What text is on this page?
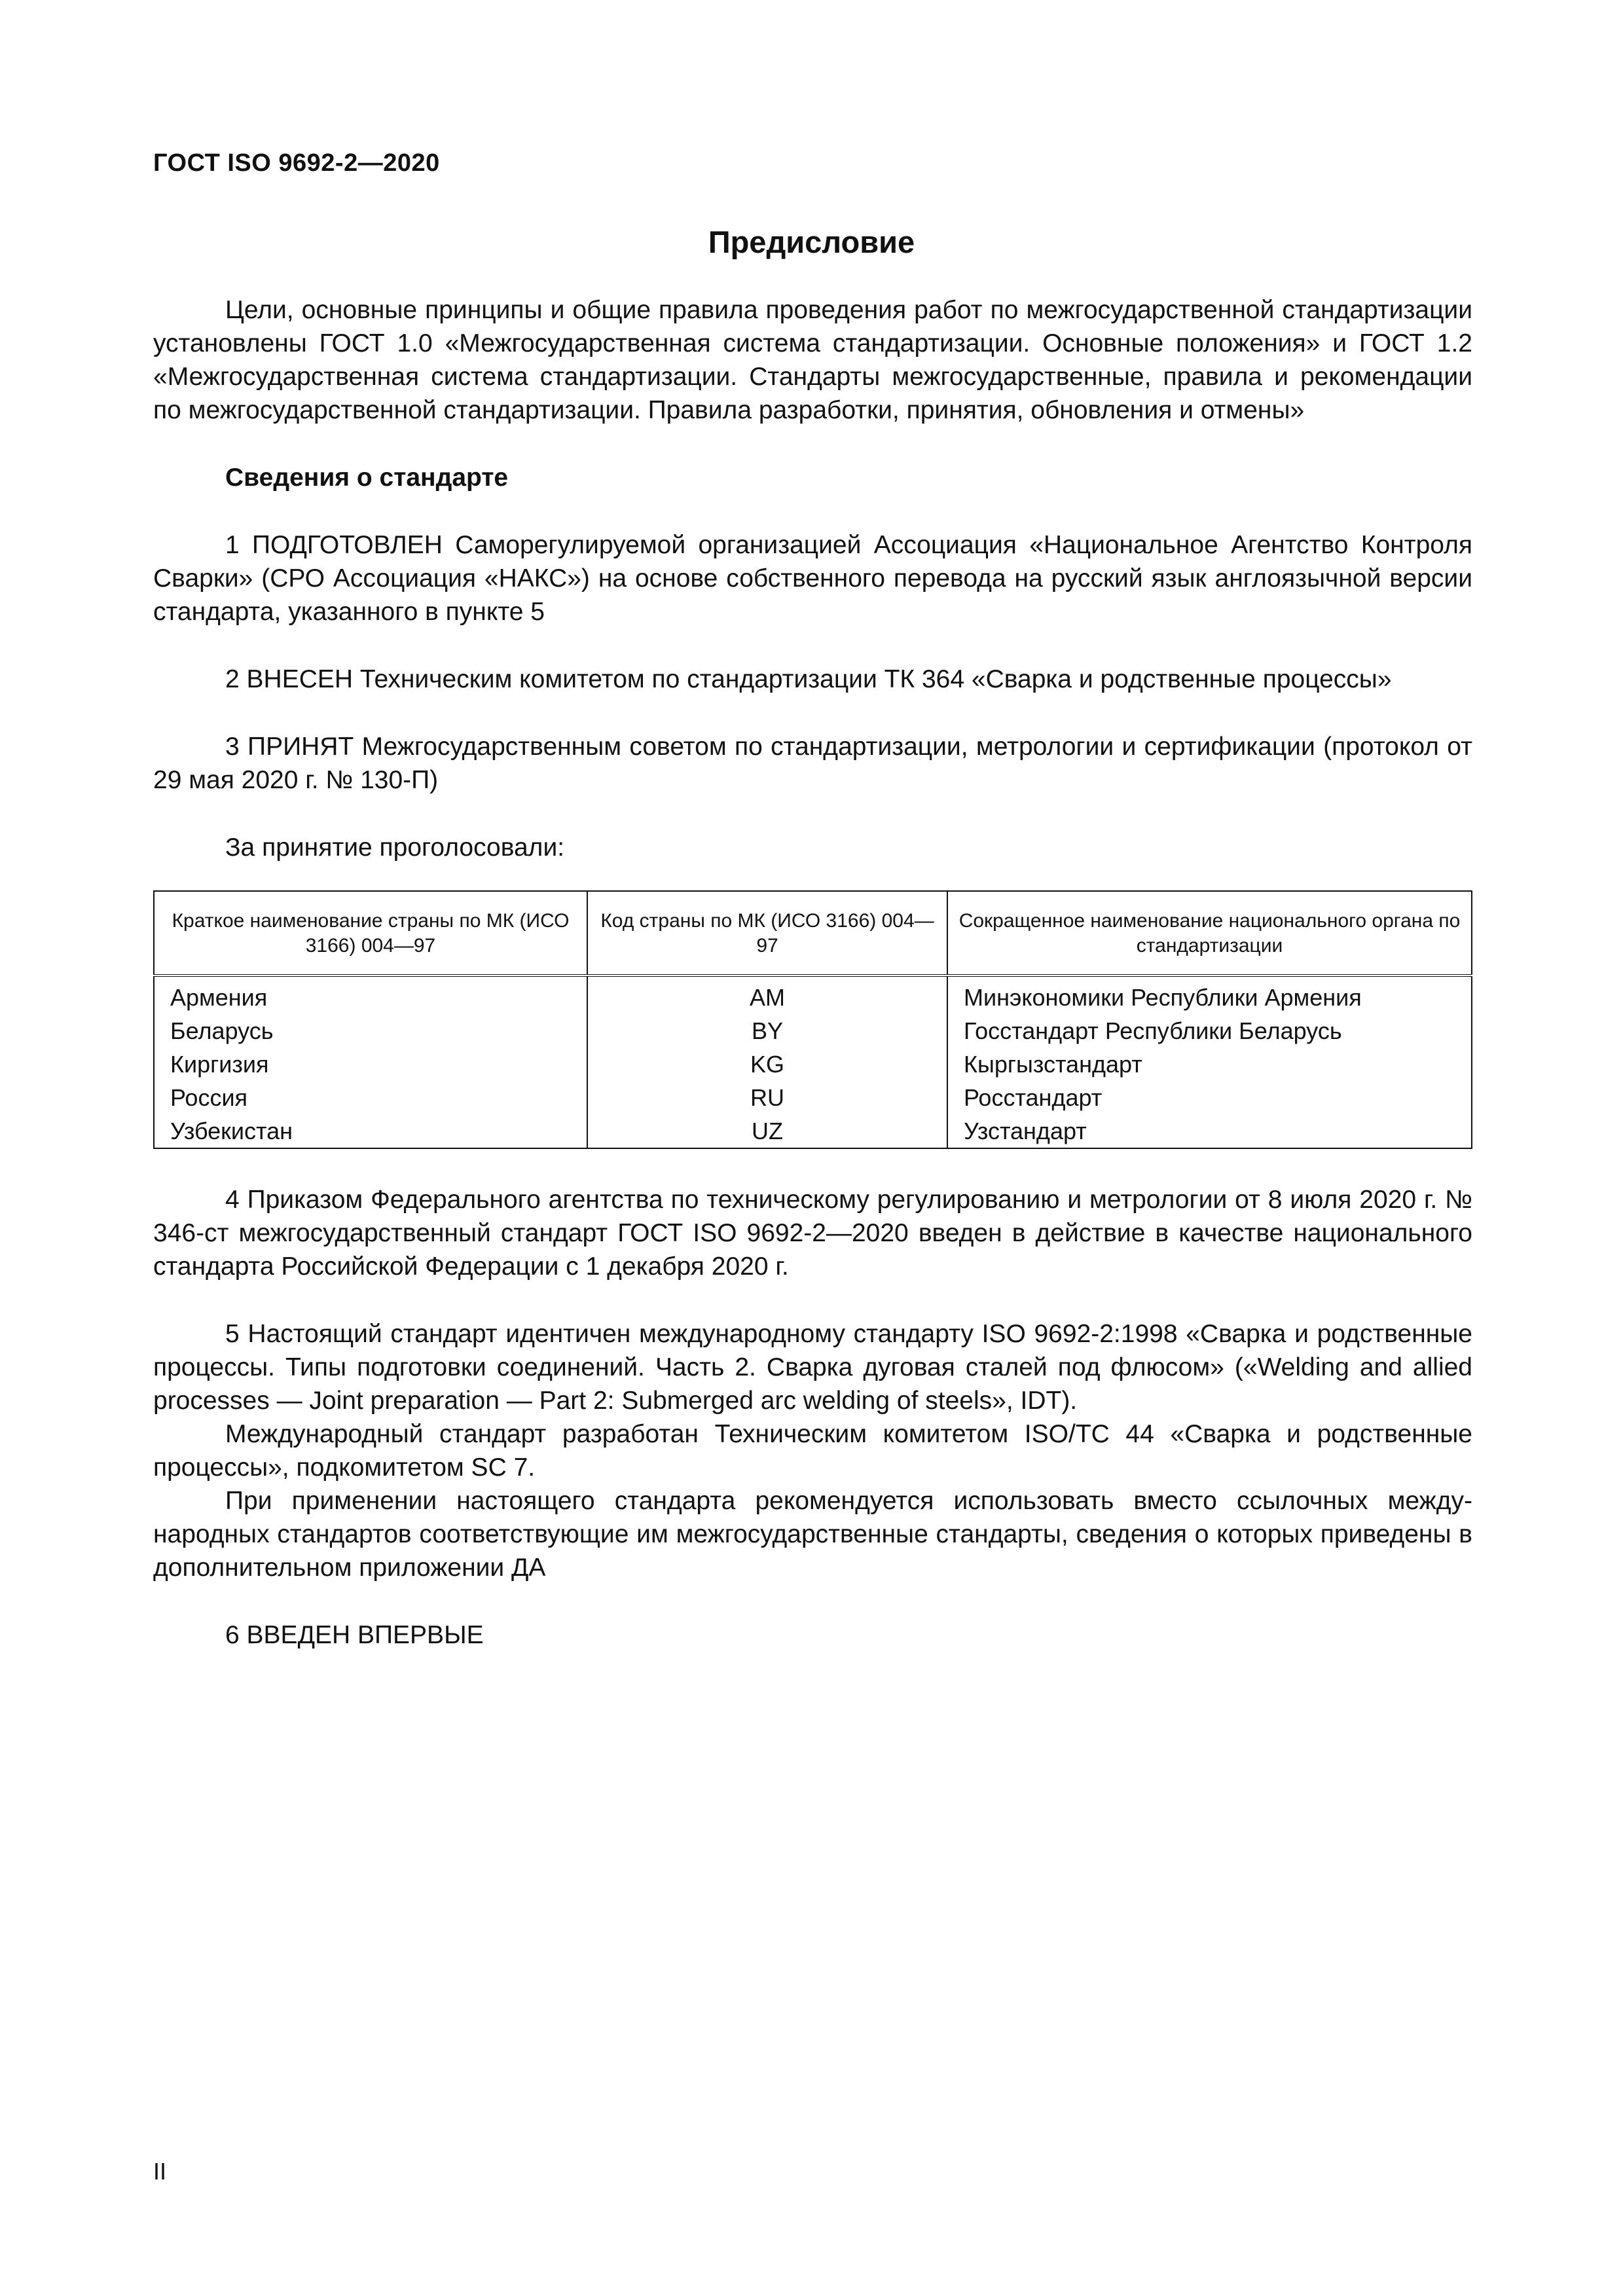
ГОСТ ISO 9692-2—2020
Предисловие

Цели, основные принципы и общие правила проведения работ по межгосударственной стандартизации установлены ГОСТ 1.0 «Межгосударственная система стандартизации. Основные положения» и ГОСТ 1.2 «Межгосударственная система стандартизации. Стандарты межгосударственные, правила и рекомендации по межгосударственной стандартизации. Правила разработки, принятия, обновления и отмены»

Сведения о стандарте

1 ПОДГОТОВЛЕН Саморегулируемой организацией Ассоциация «Национальное Агентство Контроля Сварки» (СРО Ассоциация «НАКС») на основе собственного перевода на русский язык англоязычной версии стандарта, указанного в пункте 5

2 ВНЕСЕН Техническим комитетом по стандартизации ТК 364 «Сварка и родственные процессы»

3 ПРИНЯТ Межгосударственным советом по стандартизации, метрологии и сертификации (протокол от 29 мая 2020 г. № 130-П)

За принятие проголосовали:

Краткое наименование страны по МК (ИСО 3166) 004—97	Код страны по МК (ИСО 3166) 004—97	Сокращенное наименование национального органа по стандартизации
Армения	AM	Минэкономики Республики Армения
Беларусь	BY	Госстандарт Республики Беларусь
Киргизия	KG	Кыргызстандарт
Россия	RU	Росстандарт
Узбекистан	UZ	Узстандарт

4 Приказом Федерального агентства по техническому регулированию и метрологии от 8 июля 2020 г. № 346-ст межгосударственный стандарт ГОСТ ISO 9692-2—2020 введен в действие в качестве национального стандарта Российской Федерации с 1 декабря 2020 г.

5 Настоящий стандарт идентичен международному стандарту ISO 9692-2:1998 «Сварка и родственные процессы. Типы подготовки соединений. Часть 2. Сварка дуговая сталей под флюсом» («Welding and allied processes — Joint preparation — Part 2: Submerged arc welding of steels», IDT).

Международный стандарт разработан Техническим комитетом ISO/TC 44 «Сварка и родственные процессы», подкомитетом SC 7.

При применении настоящего стандарта рекомендуется использовать вместо ссылочных международных стандартов соответствующие им межгосударственные стандарты, сведения о которых приведены в дополнительном приложении ДА

6 ВВЕДЕН ВПЕРВЫЕ

II
